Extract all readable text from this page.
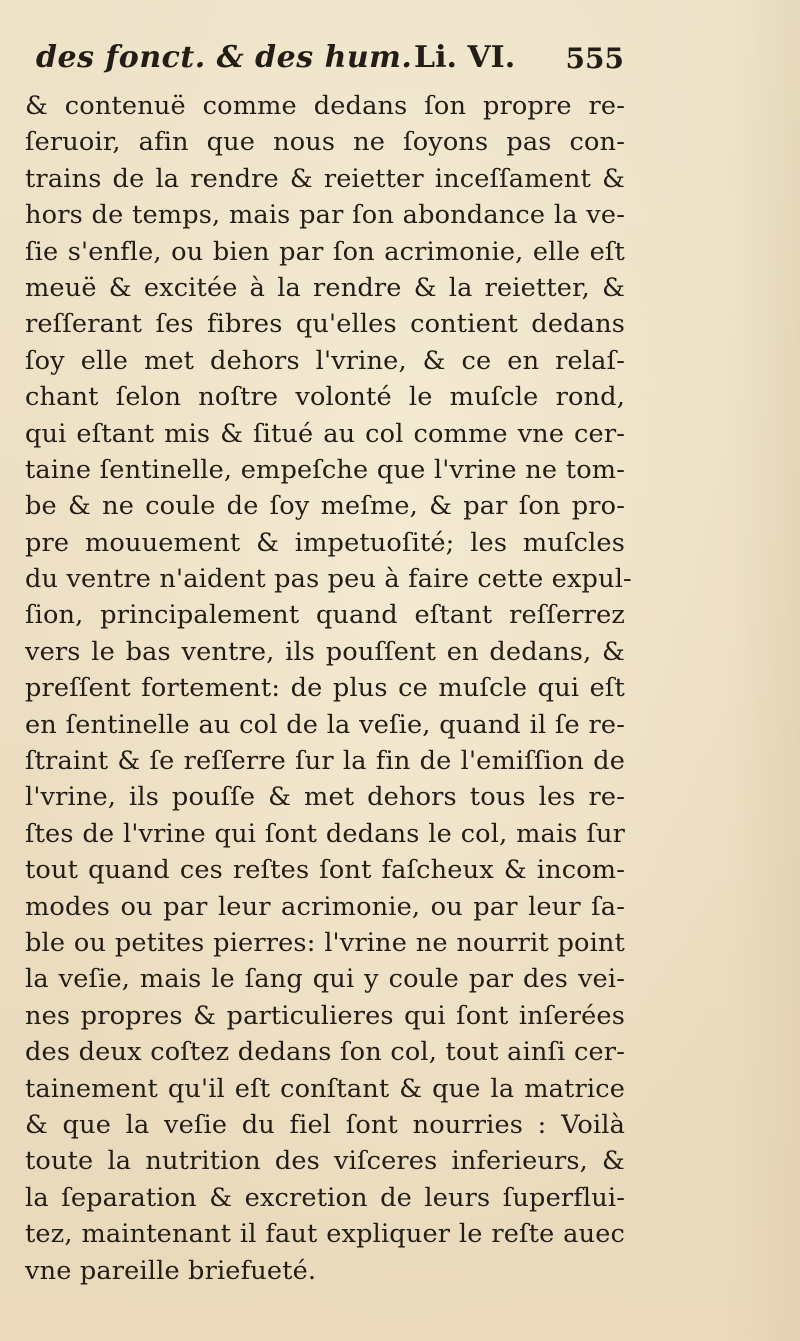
des fonct. & des hum. Li. VI. 555
& contenuë comme dedans ſon propre re-
ſeruoir, afin que nous ne ſoyons pas con-
trains de la rendre & reietter inceſſament &
hors de temps, mais par ſon abondance la ve-
ſie s'enfle, ou bien par ſon acrimonie, elle eſt
meuë & excitée à la rendre & la reietter, &
reſſerant ſes fibres qu'elles contient dedans
ſoy elle met dehors l'vrine, & ce en relaſ-
chant ſelon noſtre volonté le muſcle rond,
qui eſtant mis & ſitué au col comme vne cer-
taine ſentinelle, empeſche que l'vrine ne tom-
be & ne coule de ſoy meſme, & par ſon pro-
pre mouuement & impetuoſité; les muſcles
du ventre n'aident pas peu à faire cette expul-
ſion, principalement quand eſtant reſſerrez
vers le bas ventre, ils pouſſent en dedans, &
preſſent fortement: de plus ce muſcle qui eſt
en ſentinelle au col de la veſie, quand il ſe re-
ſtraint & ſe reſſerre ſur la fin de l'emiſſion de
l'vrine, ils pouſſe & met dehors tous les re-
ſtes de l'vrine qui ſont dedans le col, mais ſur
tout quand ces reſtes ſont faſcheux & incom-
modes ou par leur acrimonie, ou par leur ſa-
ble ou petites pierres: l'vrine ne nourrit point
la veſie, mais le ſang qui y coule par des vei-
nes propres & particulieres qui ſont inſerées
des deux coſtez dedans ſon col, tout ainſi cer-
tainement qu'il eſt conſtant & que la matrice
& que la veſie du fiel ſont nourries : Voilà
toute la nutrition des viſceres inferieurs, &
la ſeparation & excretion de leurs ſuperflui-
tez, maintenant il faut expliquer le reſte auec
vne pareille briefueté.
